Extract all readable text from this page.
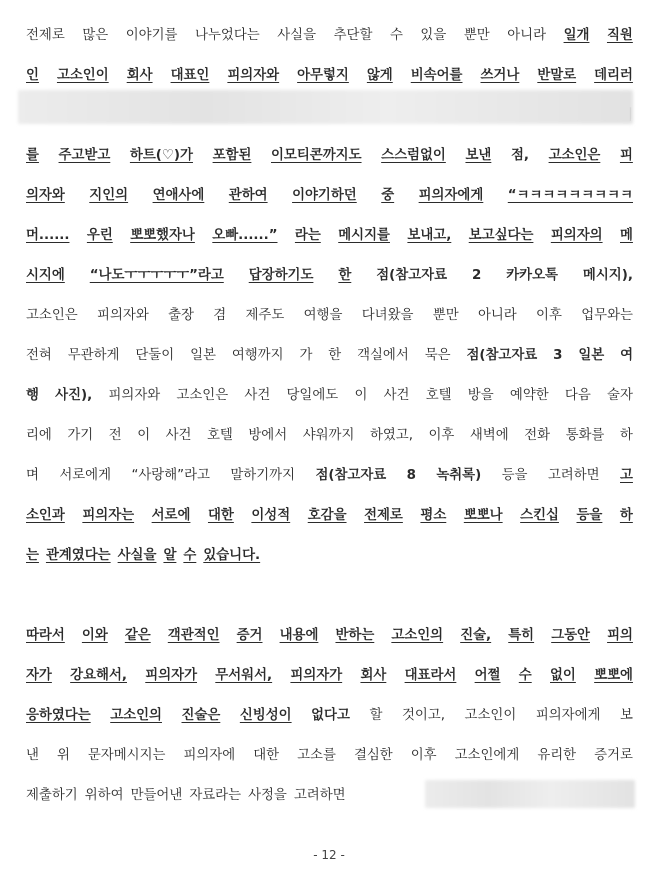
전제로 많은 이야기를 나누었다는 사실을 추단할 수 있을 뿐만 아니라 일개 직원
인 고소인이 회사 대표인 피의자와 아무렇지 않게 비속어를 쓰거나 반말로 데리러
를 주고받고 하트(♡)가 포함된 이모티콘까지도 스스럼없이 보낸 점, 고소인은 피
의자와 지인의 연애사에 관하여 이야기하던 중 피의자에게 “ㅋㅋㅋㅋㅋㅋㅋㅋㅋ
머...... 우린 뽀뽀했자나 오빠......” 라는 메시지를 보내고, 보고싶다는 피의자의 메
시지에 “나도ㅜㅜㅜㅜㅜ”라고 답장하기도 한 점(참고자료 2 카카오톡 메시지),
고소인은 피의자와 출장 겸 제주도 여행을 다녀왔을 뿐만 아니라 이후 업무와는
전혀 무관하게 단둘이 일본 여행까지 가 한 객실에서 묵은 점(참고자료 3 일본 여
행 사진), 피의자와 고소인은 사건 당일에도 이 사건 호텔 방을 예약한 다음 술자
리에 가기 전 이 사건 호텔 방에서 샤워까지 하였고, 이후 새벽에 전화 통화를 하
며 서로에게 “사랑해”라고 말하기까지 점(참고자료 8 녹취록) 등을 고려하면 고
소인과 피의자는 서로에 대한 이성적 호감을 전제로 평소 뽀뽀나 스킨십 등을 하
는 관계였다는 사실을 알 수 있습니다.
따라서 이와 같은 객관적인 증거 내용에 반하는 고소인의 진술, 특히 그동안 피의
자가 강요해서, 피의자가 무서워서, 피의자가 회사 대표라서 어쩔 수 없이 뽀뽀에
응하였다는 고소인의 진술은 신빙성이 없다고 할 것이고, 고소인이 피의자에게 보
낸 위 문자메시지는 피의자에 대한 고소를 결심한 이후 고소인에게 유리한 증거로
제출하기 위하여 만들어낸 자료라는 사정을 고려하면
- 12 -
